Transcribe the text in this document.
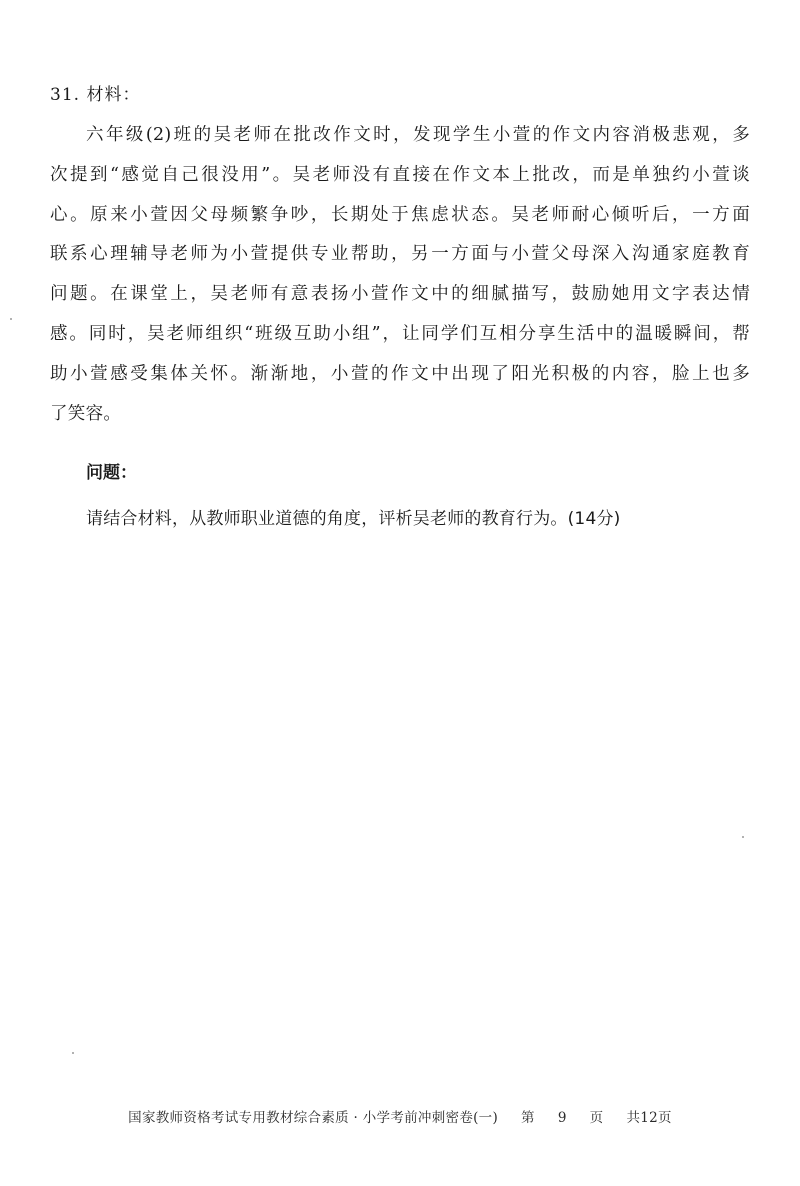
31. 材料：
六年级(2)班的吴老师在批改作文时，发现学生小萱的作文内容消极悲观，多
次提到“感觉自己很没用”。吴老师没有直接在作文本上批改，而是单独约小萱谈
心。原来小萱因父母频繁争吵，长期处于焦虑状态。吴老师耐心倾听后，一方面
联系心理辅导老师为小萱提供专业帮助，另一方面与小萱父母深入沟通家庭教育
问题。在课堂上，吴老师有意表扬小萱作文中的细腻描写，鼓励她用文字表达情
感。同时，吴老师组织“班级互助小组”，让同学们互相分享生活中的温暖瞬间，帮
助小萱感受集体关怀。渐渐地，小萱的作文中出现了阳光积极的内容，脸上也多
了笑容。
问题：
请结合材料，从教师职业道德的角度，评析吴老师的教育行为。(14分)
国家教师资格考试专用教材综合素质 · 小学考前冲刺密卷(一) 第 9 页 共12页
